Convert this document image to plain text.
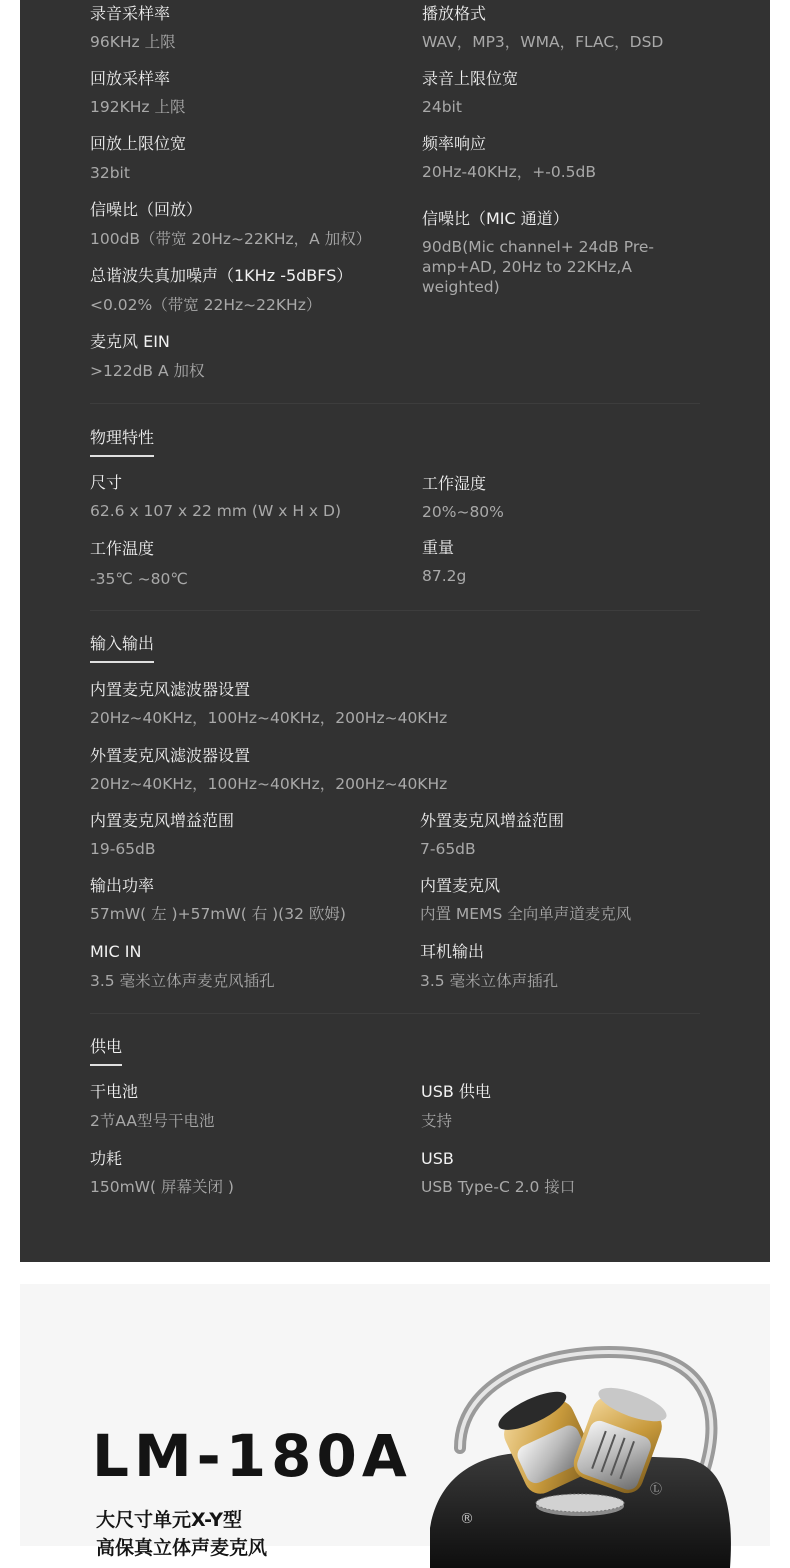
录音采样率
96KHz 上限
播放格式
WAV，MP3，WMA，FLAC，DSD
回放采样率
192KHz 上限
录音上限位宽
24bit
回放上限位宽
32bit
频率响应
20Hz-40KHz，+-0.5dB
信噪比（回放）
100dB（带宽 20Hz~22KHz，A 加权）
信噪比（MIC 通道）
90dB(Mic channel+ 24dB Pre-amp+AD, 20Hz to 22KHz,A weighted)
总谐波失真加噪声（1KHz -5dBFS）
<0.02%（带宽 22Hz~22KHz）
麦克风 EIN
>122dB A 加权
物理特性
尺寸
62.6 x 107 x 22 mm (W x H x D)
工作湿度
20%~80%
工作温度
-35℃ ~80℃
重量
87.2g
输入输出
内置麦克风滤波器设置
20Hz~40KHz，100Hz~40KHz，200Hz~40KHz
外置麦克风滤波器设置
20Hz~40KHz，100Hz~40KHz，200Hz~40KHz
内置麦克风增益范围
19-65dB
外置麦克风增益范围
7-65dB
输出功率
57mW( 左 )+57mW( 右 )(32 欧姆)
内置麦克风
内置 MEMS 全向单声道麦克风
MIC IN
3.5 毫米立体声麦克风插孔
耳机输出
3.5 毫米立体声插孔
供电
干电池
2节AA型号干电池
USB 供电
支持
功耗
150mW( 屏幕关闭 )
USB
USB Type-C 2.0 接口
LM-180A
大尺寸单元X-Y型
高保真立体声麦克风
®
Ⓛ
